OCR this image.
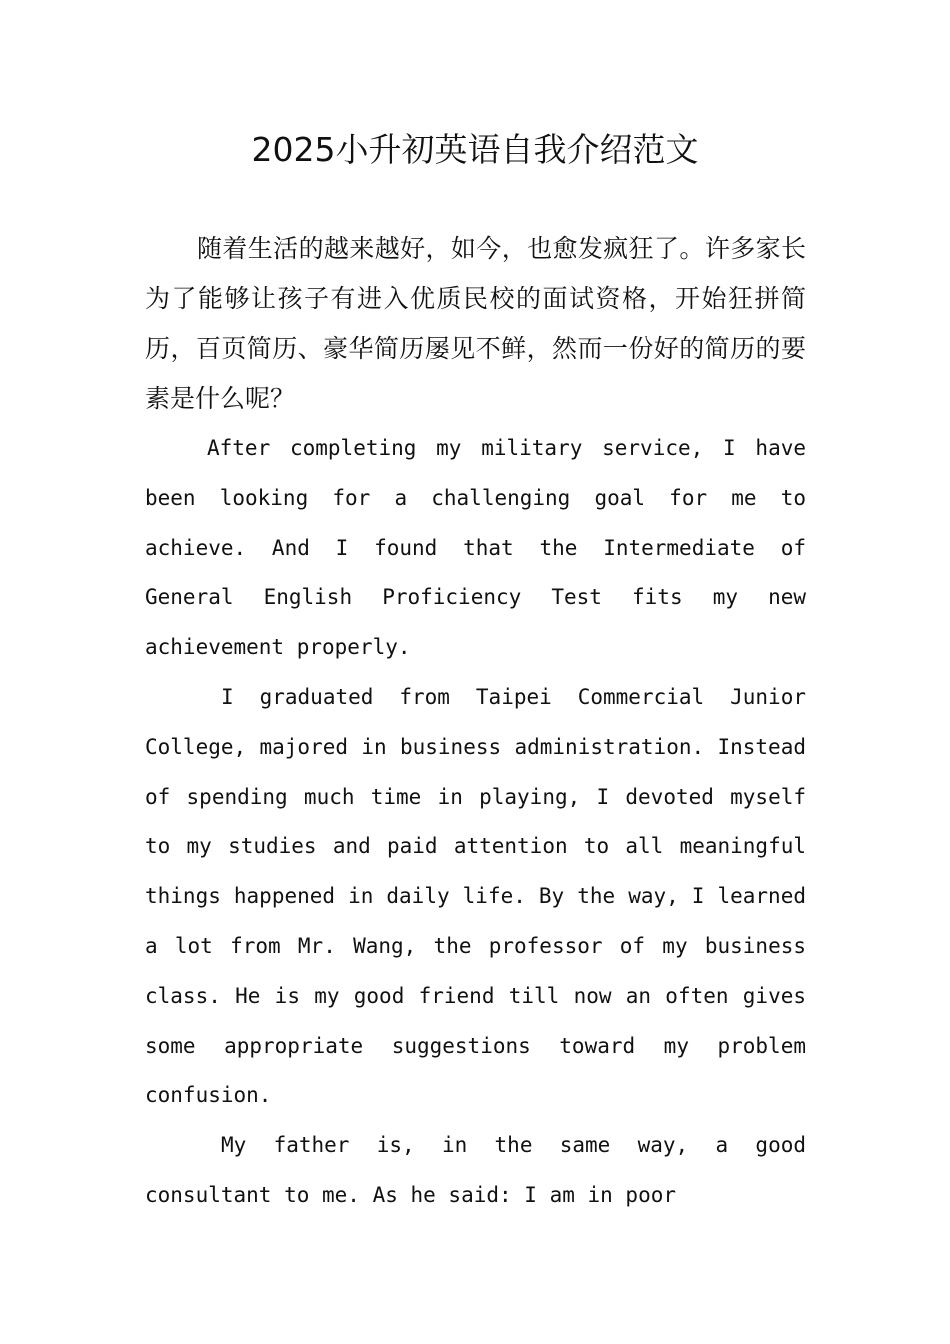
2025小升初英语自我介绍范文

随着生活的越来越好，如今，也愈发疯狂了。许多家长为了能够让孩子有进入优质民校的面试资格，开始狂拼简历，百页简历、豪华简历屡见不鲜，然而一份好的简历的要素是什么呢？

After completing my military service, I have been looking for a challenging goal for me to achieve. And I found that the Intermediate of General English Proficiency Test fits my new achievement properly.

I graduated from Taipei Commercial Junior College, majored in business administration. Instead of spending much time in playing, I devoted myself to my studies and paid attention to all meaningful things happened in daily life. By the way, I learned a lot from Mr. Wang, the professor of my business class. He is my good friend till now an often gives some appropriate suggestions toward my problem confusion.

My father is, in the same way, a good consultant to me. As he said: I am in poor
